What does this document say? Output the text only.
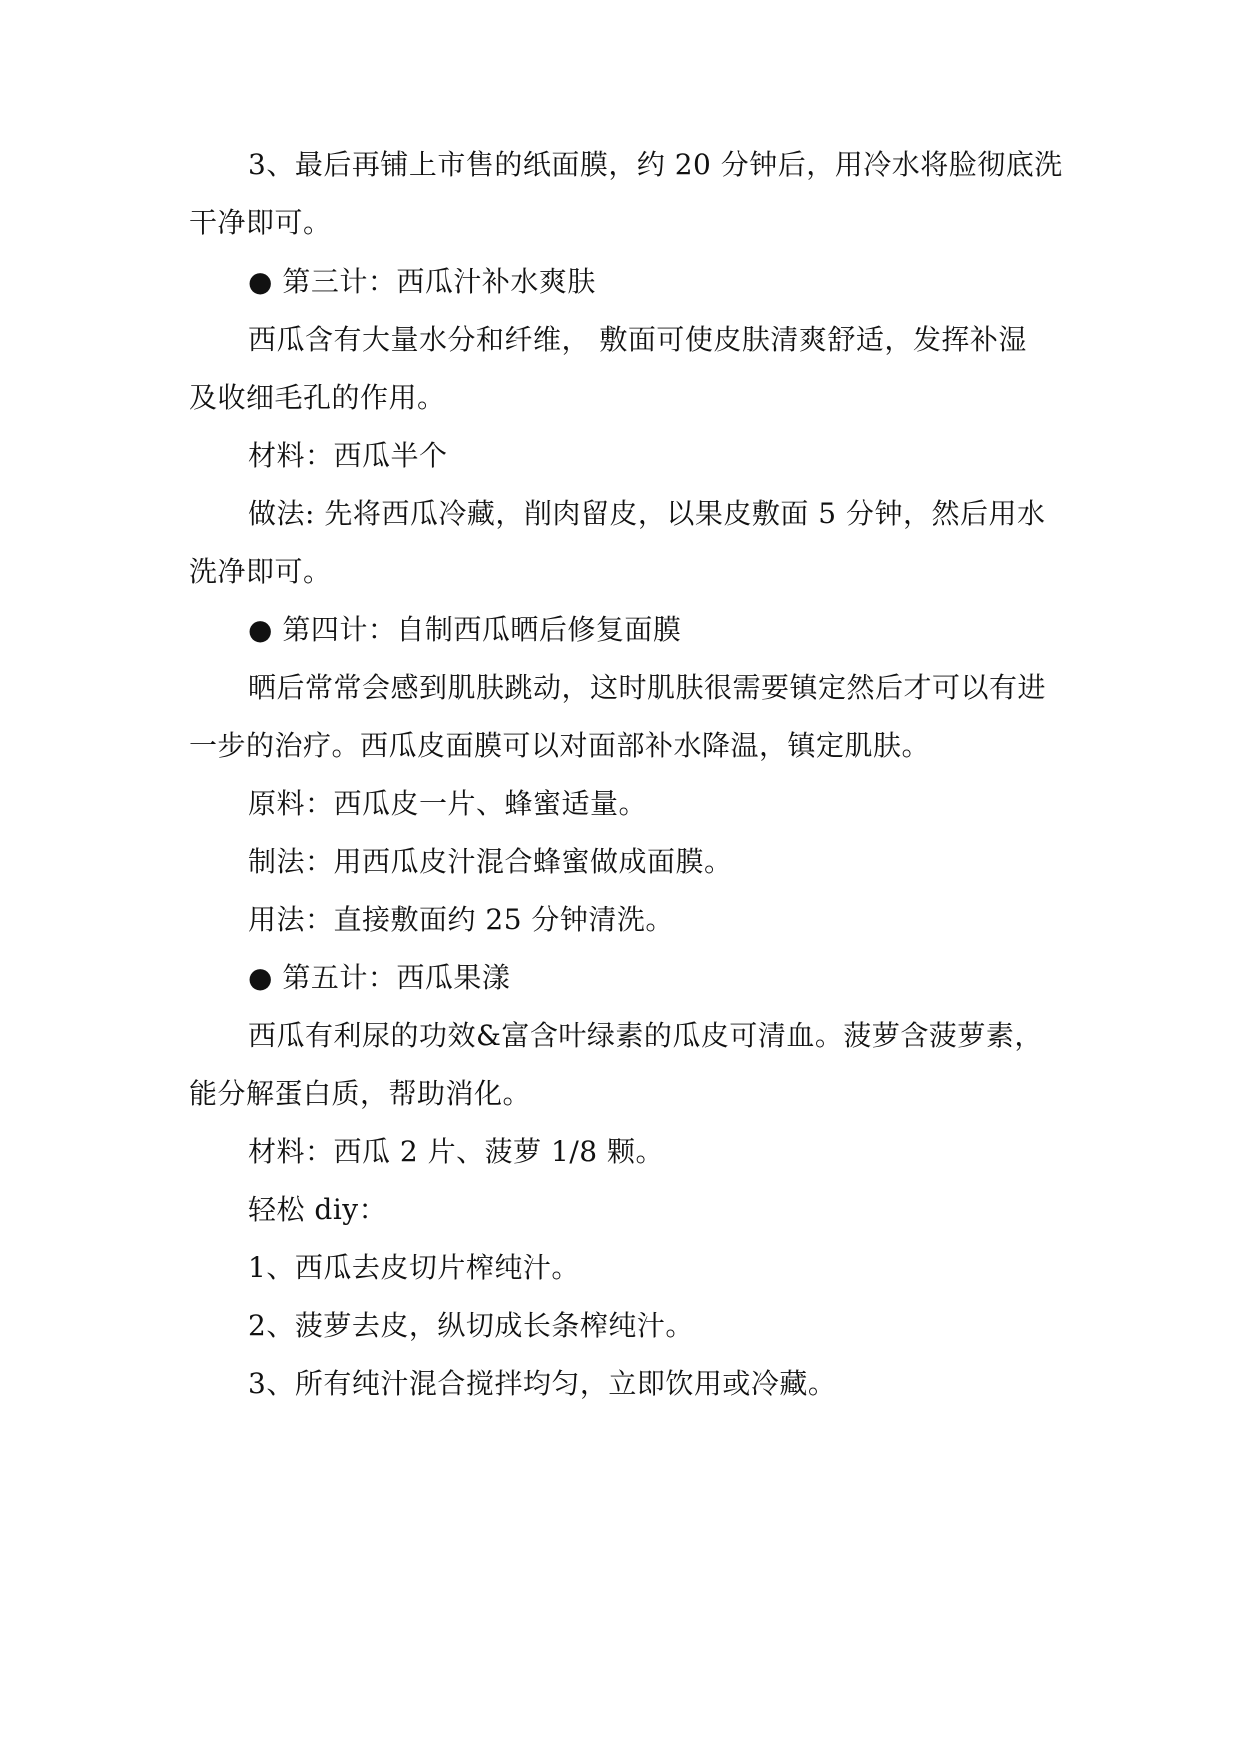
3、最后再铺上市售的纸面膜，约 20 分钟后，用冷水将脸彻底洗
干净即可。
● 第三计：西瓜汁补水爽肤
西瓜含有大量水分和纤维， 敷面可使皮肤清爽舒适，发挥补湿
及收细毛孔的作用。
材料：西瓜半个
做法: 先将西瓜冷藏，削肉留皮，以果皮敷面 5 分钟，然后用水
洗净即可。
● 第四计：自制西瓜晒后修复面膜
晒后常常会感到肌肤跳动，这时肌肤很需要镇定然后才可以有进
一步的治疗。西瓜皮面膜可以对面部补水降温，镇定肌肤。
原料：西瓜皮一片、蜂蜜适量。
制法：用西瓜皮汁混合蜂蜜做成面膜。
用法：直接敷面约 25 分钟清洗。
● 第五计：西瓜果漾
西瓜有利尿的功效&富含叶绿素的瓜皮可清血。菠萝含菠萝素，
能分解蛋白质，帮助消化。
材料：西瓜 2 片、菠萝 1/8 颗。
轻松 diy：
1、西瓜去皮切片榨纯汁。
2、菠萝去皮，纵切成长条榨纯汁。
3、所有纯汁混合搅拌均匀，立即饮用或冷藏。
